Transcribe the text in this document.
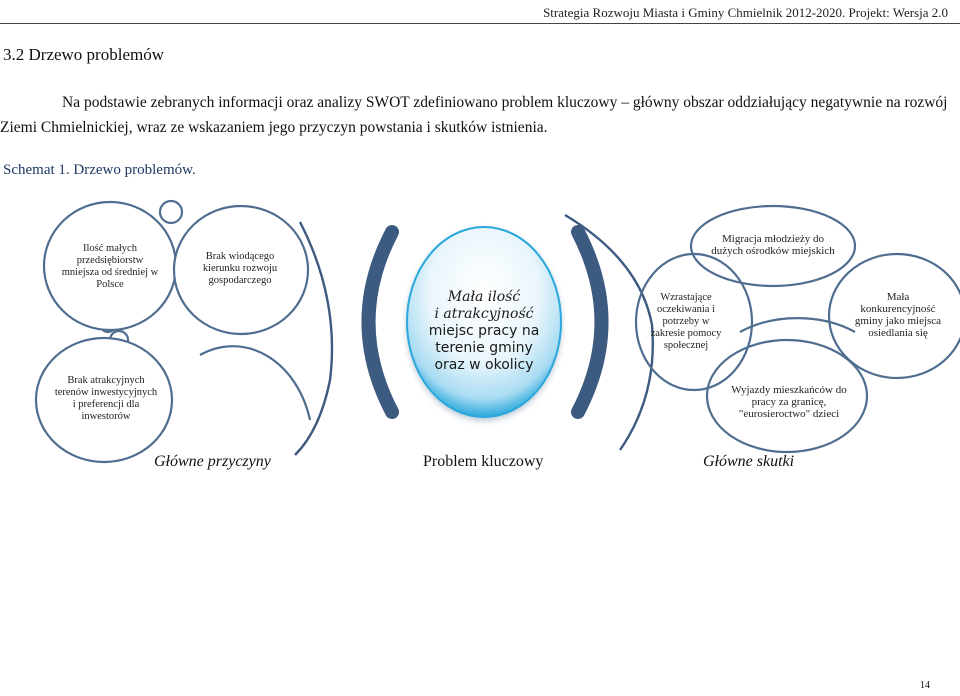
Strategia Rozwoju Miasta i Gminy Chmielnik 2012-2020. Projekt: Wersja 2.0
3.2 Drzewo problemów
Na podstawie zebranych informacji oraz analizy SWOT zdefiniowano problem kluczowy – główny obszar oddziałujący negatywnie na rozwój Ziemi Chmielnickiej, wraz ze wskazaniem jego przyczyn powstania i skutków istnienia.
Schemat 1. Drzewo problemów.
Ilość małych przedsiębiorstw mniejsza od średniej w Polsce
Brak wiodącego kierunku rozwoju gospodarczego
Brak atrakcyjnych terenów inwestycyjnych i preferencji dla inwestorów
Mała ilość
i atrakcyjność
miejsc pracy na terenie gminy oraz w okolicy
Migracja młodzieży do dużych ośrodków miejskich
Wzrastające oczekiwania i potrzeby w zakresie pomocy społecznej
Mała konkurencyjność gminy jako miejsca osiedlania się
Wyjazdy mieszkańców do pracy za granicę, "eurosieroctwo" dzieci
Główne przyczyny	Problem kluczowy	Główne skutki
14
